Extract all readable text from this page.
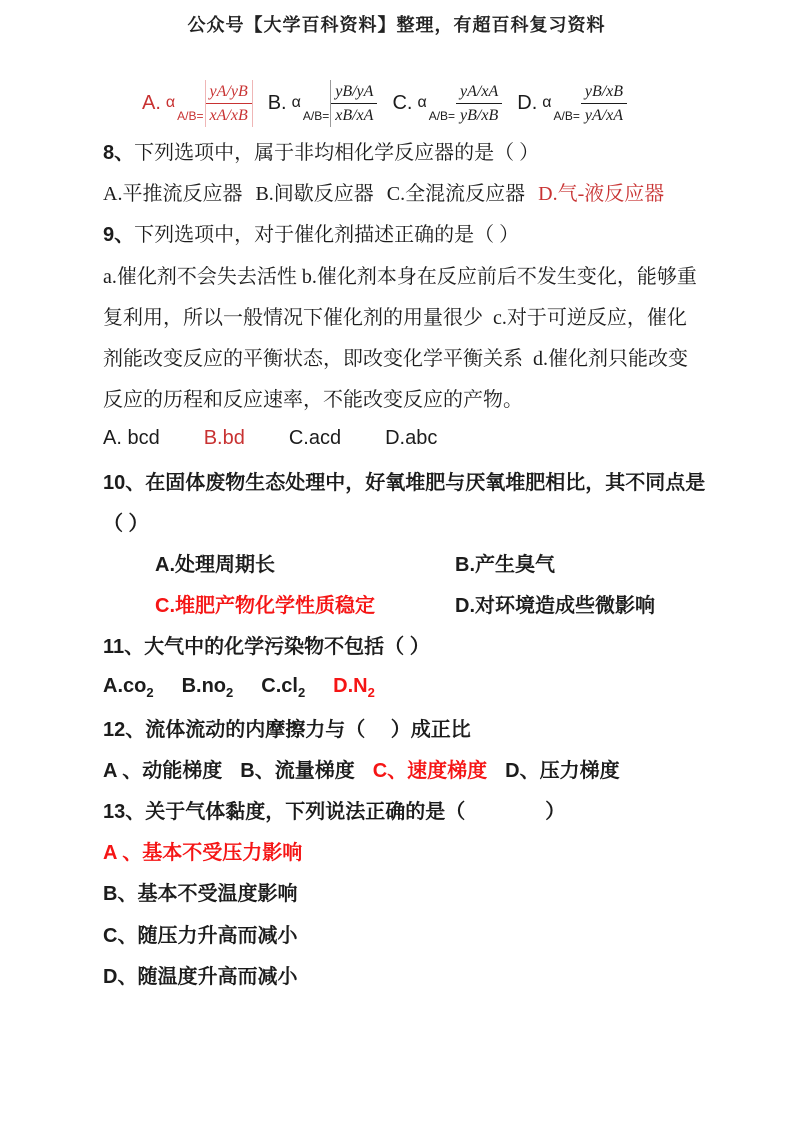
公众号【大学百科资料】整理，有超百科复习资料
A. α
$A/B= \frac{yA/yB}{xA/xB} B$. α
$A/B= \frac{yB/yA}{xB/xA} C$. α
$A/B= \frac{yA/xA}{yB/xB} D$. α
$A/B= \frac{yB/xB}{yA/xA}$
8、 下列选项中，属于非均相化学反应器的是（ ）
A.平推流反应器 B.间歇反应器 C.全混流反应器 D.气-液反应器
9、 下列选项中，对于催化剂描述正确的是（ ）
a.催化剂不会失去活性 b.催化剂本身在反应前后不发生变化，能够重
复利用，所以一般情况下催化剂的用量很少  c.对于可逆反应，催化
剂能改变反应的平衡状态，即改变化学平衡关系  d.催化剂只能改变
反应的历程和反应速率，不能改变反应的产物。
A. bcd B.bd C.acd D.abc
10、 在固体废物生态处理中，好氧堆肥与厌氧堆肥相比，其不同点是
（ ）
A.处理周期长	B.产生臭气
C.堆肥产物化学性质稳定	D.对环境造成些微影响
11、 大气中的化学污染物不包括（ ）
$A.co_2$ $B.no_2$ $C.cl_2$ $D.N_2$
12、 流体流动的内摩擦力与（　 ）成正比
A 、动能梯度 B、流量梯度 C、速度梯度 D、压力梯度
13、 关于气体黏度，下列说法正确的是（　　　　）
A 、基本不受压力影响
B、基本不受温度影响
C、随压力升高而减小
D、随温度升高而减小
